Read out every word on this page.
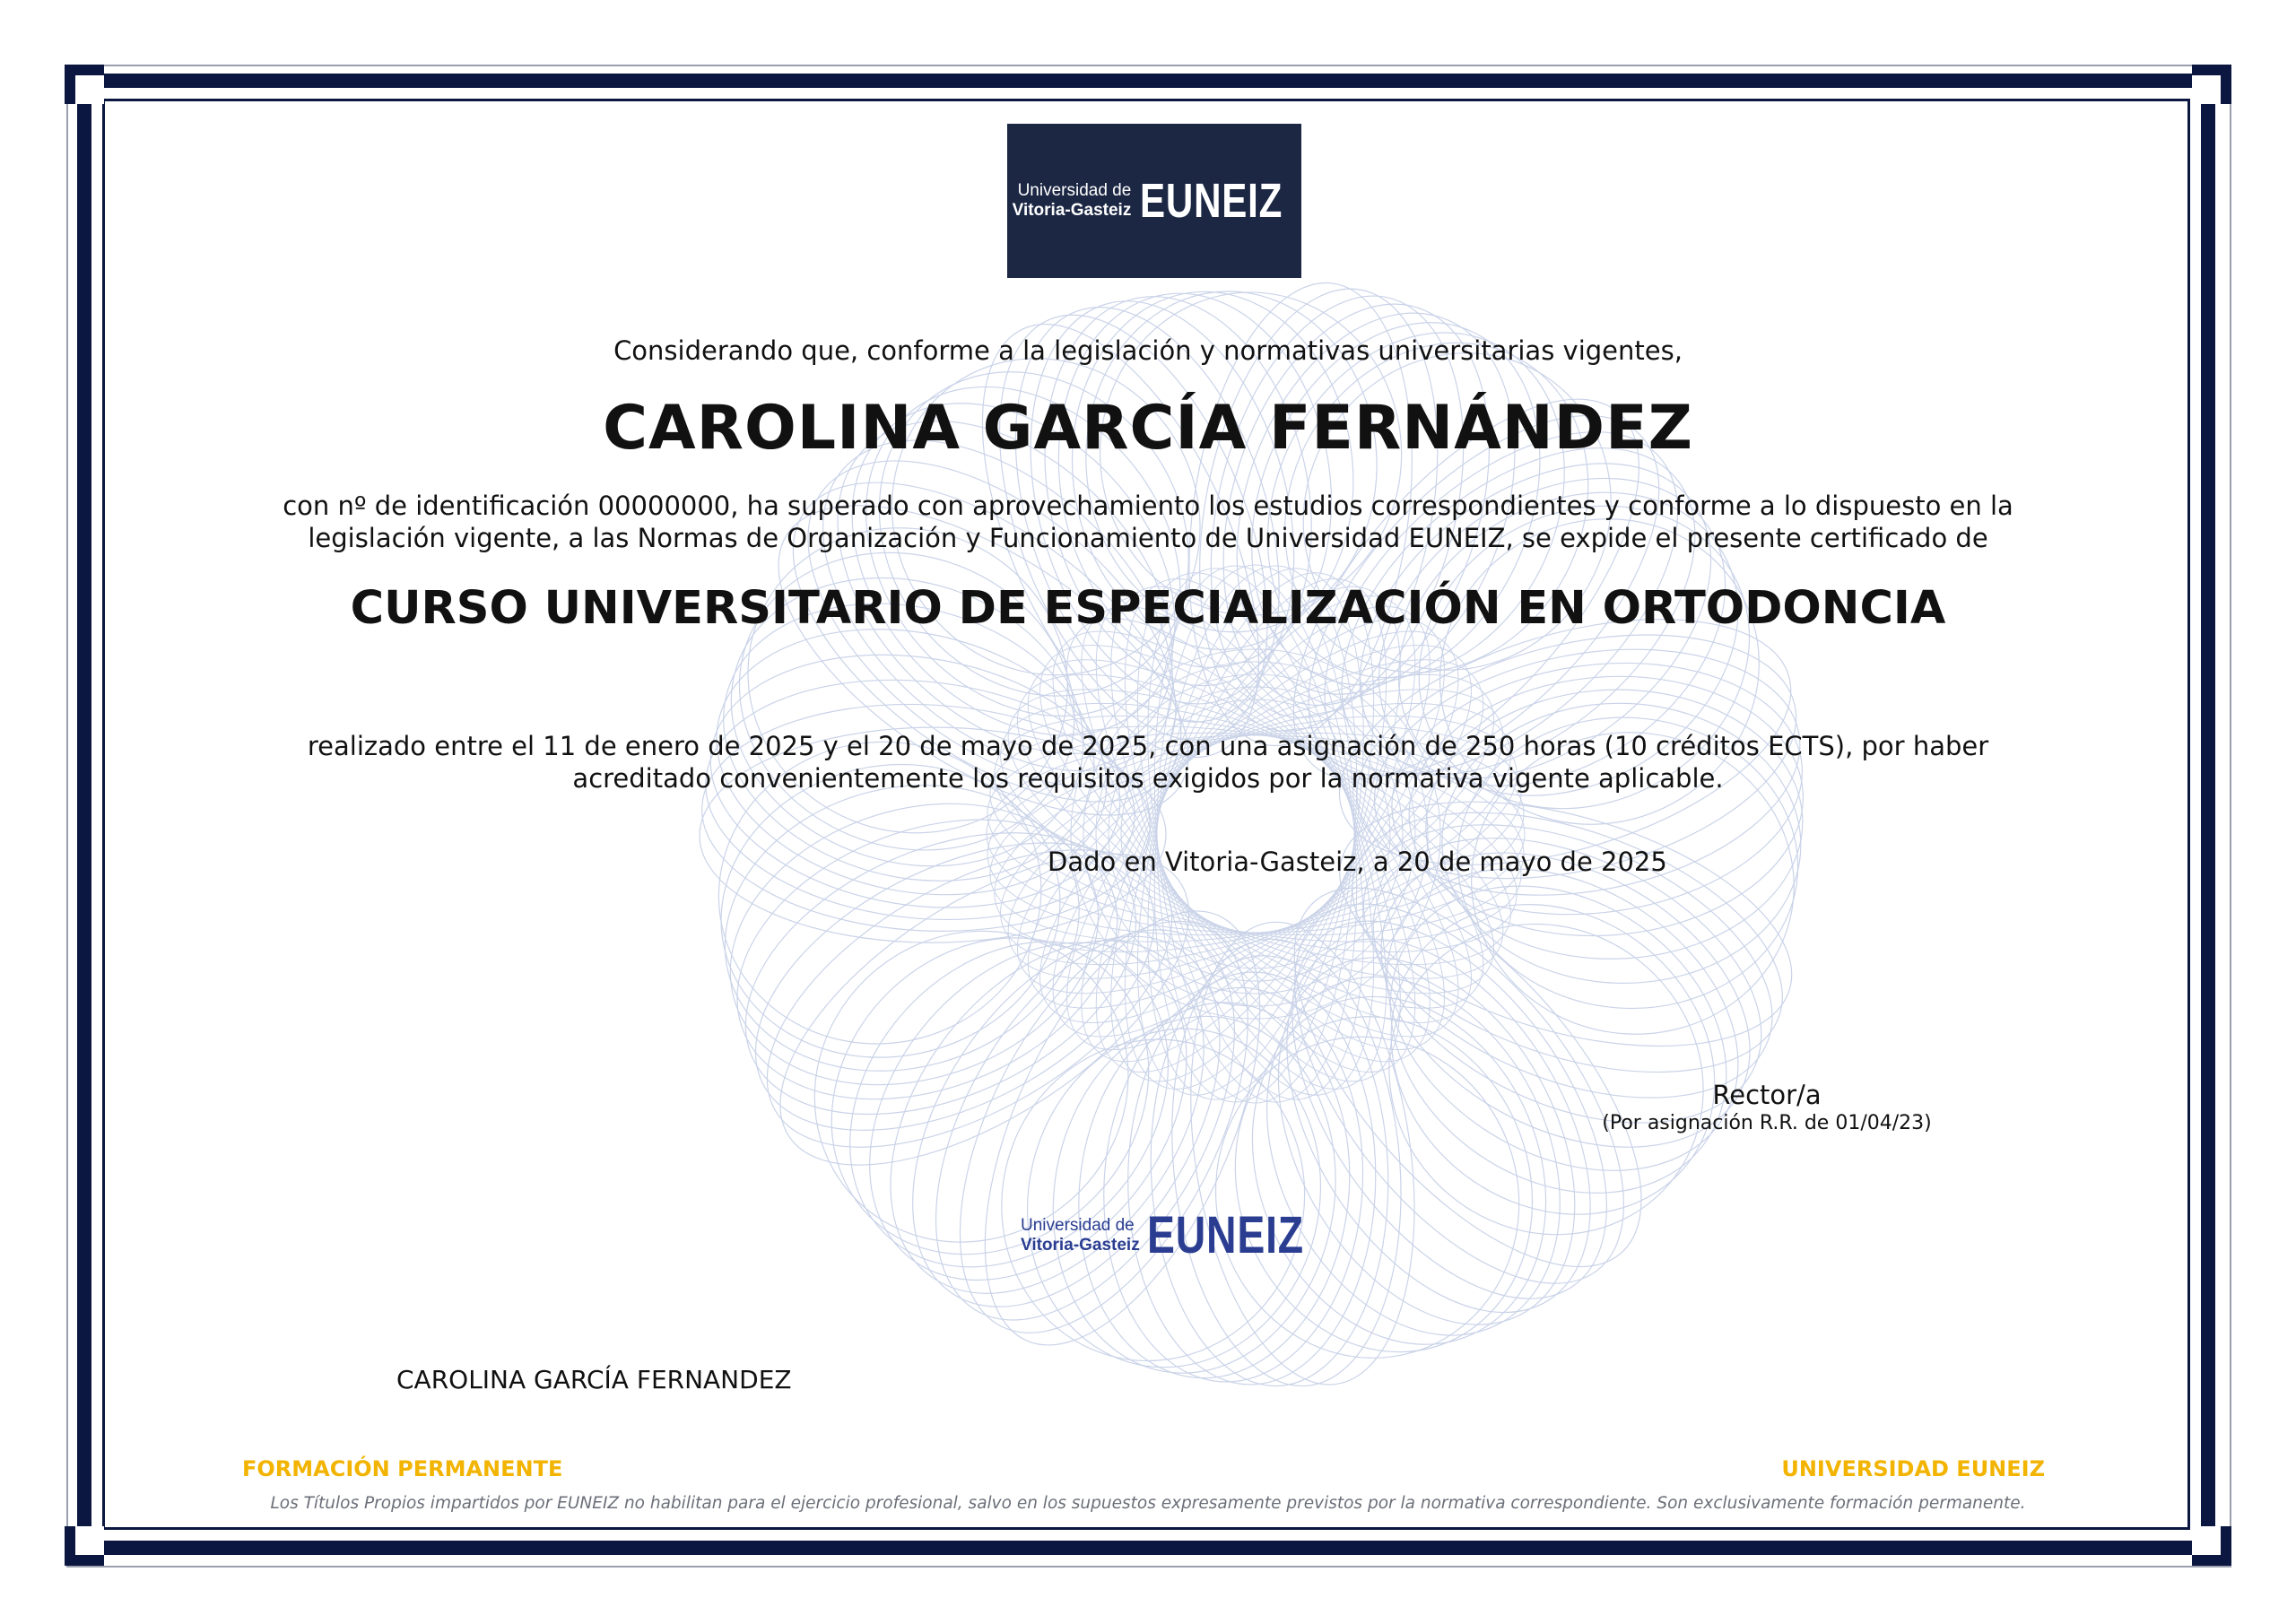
Universidad de
Vitoria-Gasteiz EUNEIZ
Considerando que, conforme a la legislación y normativas universitarias vigentes,
CAROLINA GARCÍA FERNÁNDEZ
con nº de identificación 00000000, ha superado con aprovechamiento los estudios correspondientes y conforme a lo dispuesto en la legislación vigente, a las Normas de Organización y Funcionamiento de Universidad EUNEIZ, se expide el presente certificado de
CURSO UNIVERSITARIO DE ESPECIALIZACIÓN EN ORTODONCIA
realizado entre el 11 de enero de 2025 y el 20 de mayo de 2025, con una asignación de 250 horas (10 créditos ECTS), por haber acreditado convenientemente los requisitos exigidos por la normativa vigente aplicable.
Dado en Vitoria-Gasteiz, a 20 de mayo de 2025
Rector/a
(Por asignación R.R. de 01/04/23)
Universidad de
Vitoria-Gasteiz EUNEIZ
CAROLINA GARCÍA FERNANDEZ
FORMACIÓN PERMANENTE	UNIVERSIDAD EUNEIZ
Los Títulos Propios impartidos por EUNEIZ no habilitan para el ejercicio profesional, salvo en los supuestos expresamente previstos por la normativa correspondiente. Son exclusivamente formación permanente.
